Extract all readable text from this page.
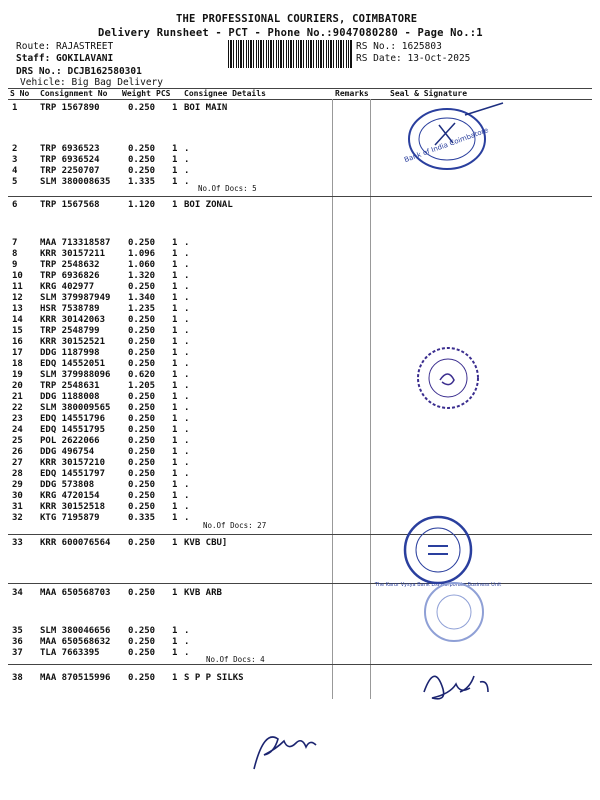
THE PROFESSIONAL COURIERS, COIMBATORE
Delivery Runsheet - PCT - Phone No.:9047080280 - Page No.:1
Route: RAJASTREET
Staff: GOKILAVANI
DRS No.: DCJB162580301
Vehicle: Big Bag Delivery
RS No.: 1625803
RS Date: 13-Oct-2025
S No Consignment No Weight PCS Consignee Details	Remarks	Seal & Signature
1	TRP 1567890	0.250 1 BOI MAIN
2	TRP 6936523	0.250 1 .
3	TRP 6936524	0.250 1 .
4	TRP 2250707	0.250 1 .
5	SLM 380008635 1.335 1 .
No.Of Docs: 5
6	TRP 1567568	1.120 1 BOI ZONAL
7	MAA 713318587 0.250 1 .
8	KRR 30157211	1.096 1 .
9	TRP 2548632	1.060 1 .
10 TRP 6936826	1.320 1 .
11 KRG 402977	0.250 1 .
12 SLM 379987949 1.340 1 .
13 HSR 7538789	1.235 1 .
14 KRR 30142063	0.250 1 .
15 TRP 2548799	0.250 1 .
16 KRR 30152521	0.250 1 .
17 DDG 1187998	0.250 1 .
18 EDQ 14552051	0.250 1 .
19 SLM 379988096 0.620 1 .
20 TRP 2548631	1.205 1 .
21 DDG 1188008	0.250 1 .
22 SLM 380009565 0.250 1 .
23 EDQ 14551796	0.250 1 .
24 EDQ 14551795	0.250 1 .
25 POL 2622066	0.250 1 .
26 DDG 496754	0.250 1 .
27 KRR 30157210	0.250 1 .
28 EDQ 14551797	0.250 1 .
29 DDG 573808	0.250 1 .
30 KRG 4720154	0.250 1 .
31 KRR 30152518	0.250 1 .
32 KTG 7195879	0.335 1 .
No.Of Docs: 27
33 KRR 600076564 0.250 1 KVB CBU]
34 MAA 650568703 0.250 1 KVB ARB
35 SLM 380046656 0.250 1 .
36 MAA 650568632 0.250 1 .
37 TLA 7663395	0.250 1 .
No.Of Docs: 4
38 MAA 870515996 0.250 1 S P P SILKS
Bank of India Coimbatore
The Karur Vysya Bank Ltd Corporate Business Unit
